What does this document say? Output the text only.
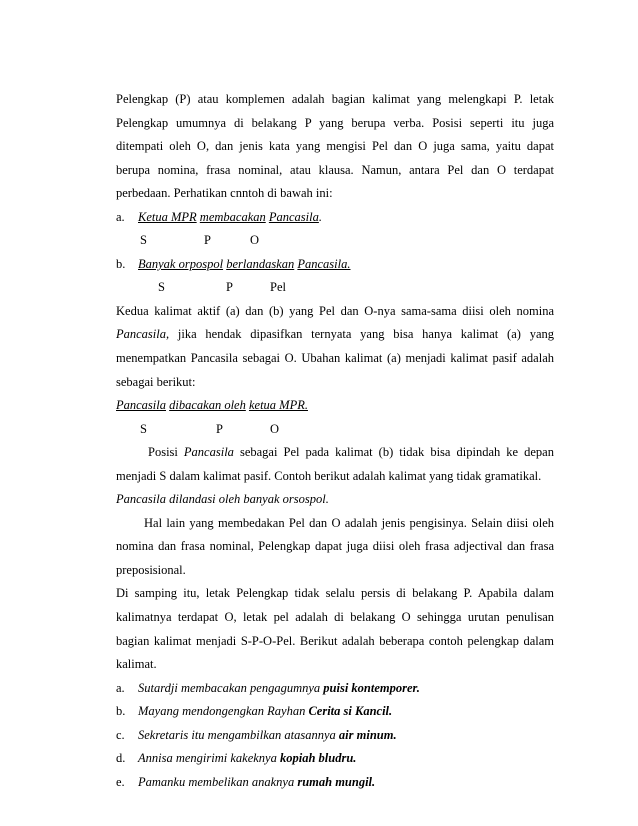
Pelengkap (P) atau komplemen adalah bagian kalimat yang melengkapi P. letak
Pelengkap umumnya di belakang P yang berupa verba. Posisi seperti itu juga
ditempati oleh O, dan jenis kata yang mengisi Pel dan O juga sama, yaitu dapat
berupa nomina, frasa nominal, atau klausa. Namun, antara Pel dan O terdapat
perbedaan. Perhatikan cnntoh di bawah ini:
a. Ketua MPR membacakan Pancasila.
S	P	O
b. Banyak orpospol berlandaskan Pancasila.
S	P	Pel
Kedua kalimat aktif (a) dan (b) yang Pel dan O-nya sama-sama diisi oleh nomina
Pancasila, jika hendak dipasifkan ternyata yang bisa hanya kalimat (a) yang
menempatkan Pancasila sebagai O. Ubahan kalimat (a) menjadi kalimat pasif adalah
sebagai berikut:
Pancasila dibacakan oleh ketua MPR.
S	P	O
Posisi Pancasila sebagai Pel pada kalimat (b) tidak bisa dipindah ke depan
menjadi S dalam kalimat pasif. Contoh berikut adalah kalimat yang tidak gramatikal.
Pancasila dilandasi oleh banyak orsospol.
Hal lain yang membedakan Pel dan O adalah jenis pengisinya. Selain diisi oleh
nomina dan frasa nominal, Pelengkap dapat juga diisi oleh frasa adjectival dan frasa
preposisional.
Di samping itu, letak Pelengkap tidak selalu persis di belakang P. Apabila dalam
kalimatnya terdapat O, letak pel adalah di belakang O sehingga urutan penulisan
bagian kalimat menjadi S-P-O-Pel. Berikut adalah beberapa contoh pelengkap dalam
kalimat.
a. Sutardji membacakan pengagumnya puisi kontemporer.
b. Mayang mendongengkan Rayhan Cerita si Kancil.
c. Sekretaris itu mengambilkan atasannya air minum.
d. Annisa mengirimi kakeknya kopiah bludru.
e. Pamanku membelikan anaknya rumah mungil.
